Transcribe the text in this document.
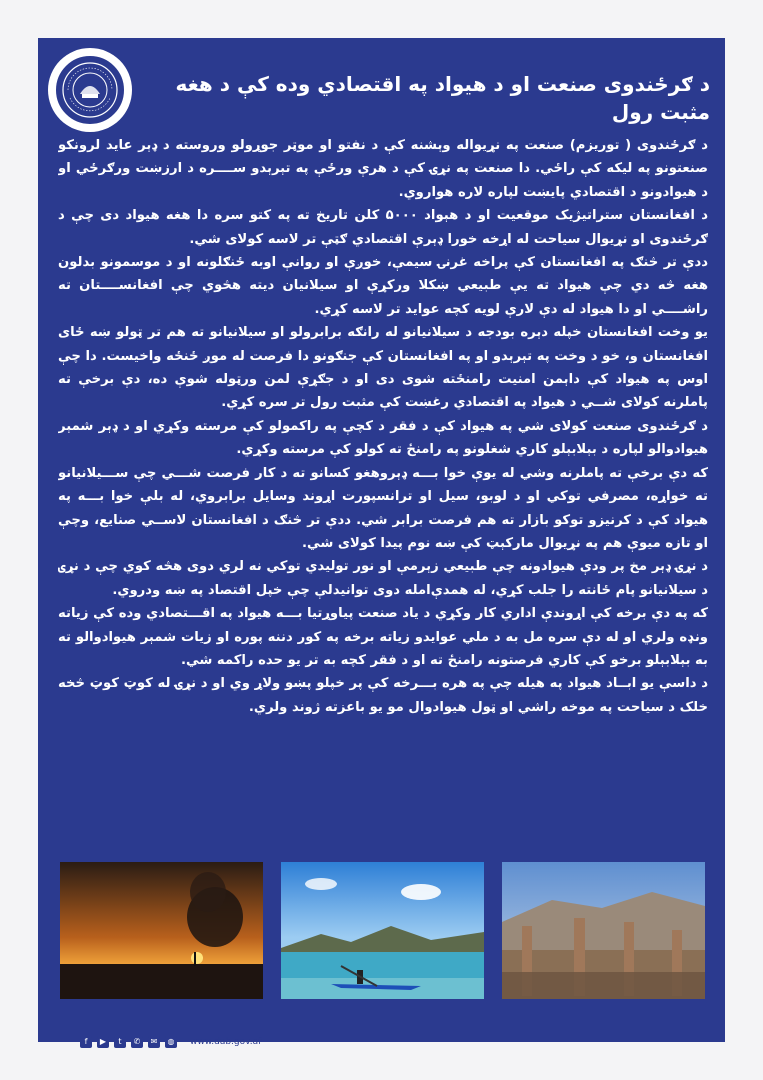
د ګرځندوی صنعت او د هیواد په اقتصادي وده کې د هغه مثبت رول

د ګرځندوی ( توریزم) صنعت په نړیواله وېشنه کې د نفتو او موټر جوړولو وروسته د ډېر عاید لرونکو صنعتونو په لیکه کې راځي. دا صنعت په نړۍ کې د هرې ورځې په تېرېدو ســــره د ارزښت ورګرځي او د هیوادونو د اقتصادي پایښت لپاره لاره هواروي.

د افغانستان ستراتیژیک موقعیت او د هېواد ۵۰۰۰ کلن تاریخ ته په کتو سره دا هغه هیواد دی چې د ګرځندوی او نړیوال سیاحت له اړخه خورا ډېرې اقتصادي ګټې تر لاسه کولای شي.

ددې تر څنګ په افغانستان کې پراخه غرنۍ سیمې، خوږې او روانې اوبه ځنګلونه او د موسمونو بدلون هغه څه دي چې هیواد ته یې طبیعي ښکلا ورکړې او سیلانیان د‌یته هڅوي چې افغانســــتان ته راشــــي او دا هیواد له دې لارې لویه کچه عواید تر لاسه کړي.

یو وخت افغانستان خپله د‌ېره بودجه د سیلانیانو له رانګه برابرولو او سیلانیانو ته هم تر ټولو ښه ځای افغانستان و، خو د وخت په تېرېدو او په افغانستان کې جنګونو دا فرصت له موږ ځنځه واخیست. دا چې اوس په هیواد کې د‌اېمن امنیت رامنځته شوی دی او د جګړې لمن ورټوله شوې ده، دې برخې ته پاملرنه کولای شــي د هیواد په اقتصادي رغښت کې مثبت رول تر سره کړي.

د ګرځندوی صنعت کولای شي په هیواد کې د فقر د کچې په راکمولو کې مرسته وکړي او د ډېر شمېر هیوادوالو لپاره د بېلابېلو کاري شغلونو په رامنځ ته کولو کې مرسته وکړي.

که دې برخې ته پاملرنه وشي له یوې خوا بـــه ډېروهغو کسانو ته د کار فرصت شـــي چې ســـیلانیانو ته خواړه، مصرفي توکي او د لوبو، سیل او ترانسپورت اړوند وسایل برابروي، له بلې خوا بـــه په هیواد کې د کرنیزو توکو بازار ته هم فرصت برابر شي. ددې تر څنګ د افغانستان لاســي صنایع، وچې او تازه میوې هم په نړیوال مارکېټ کې ښه نوم پیدا کولای شي.

د نړۍ ډېر مخ پر ودې هیوادونه چې طبیعي زېرمې او نور تولیدي توکي نه لري دوی هڅه کوي چې د نړۍ د سیلانیانو پام ځانته را جلب کړي، له همدې‌امله دوی توانیدلې چې خپل اقتصاد په ښه ودروي.

که په دې برخه کې اړوندې اداري کار وکړي د یاد صنعت پیاوړتیا بـــه هیواد په اقـــتصادي وده کې زیاته ونډه ولري او له دې سره مل به د ملي عوایدو زیاته برخه په کور دننه پوره او زیات شمېر هیوادوالو ته به بېلابېلو برخو کې کاري فرصتونه رامنځ ته او د فقر کچه به تر یو حده راکمه شي.

د داسې یو ابــاد هیواد په هیله چې په هره بـــرخه کې پر خپلو پښو ولاړ وي او د نړۍ له کوټ کوټ څخه خلک د سیاحت په موخه راشي او ټول هیوادوال مو یو باعزته ژوند ولري.

f	▶	t	✆	✉	◍ www.dab.gov.af
